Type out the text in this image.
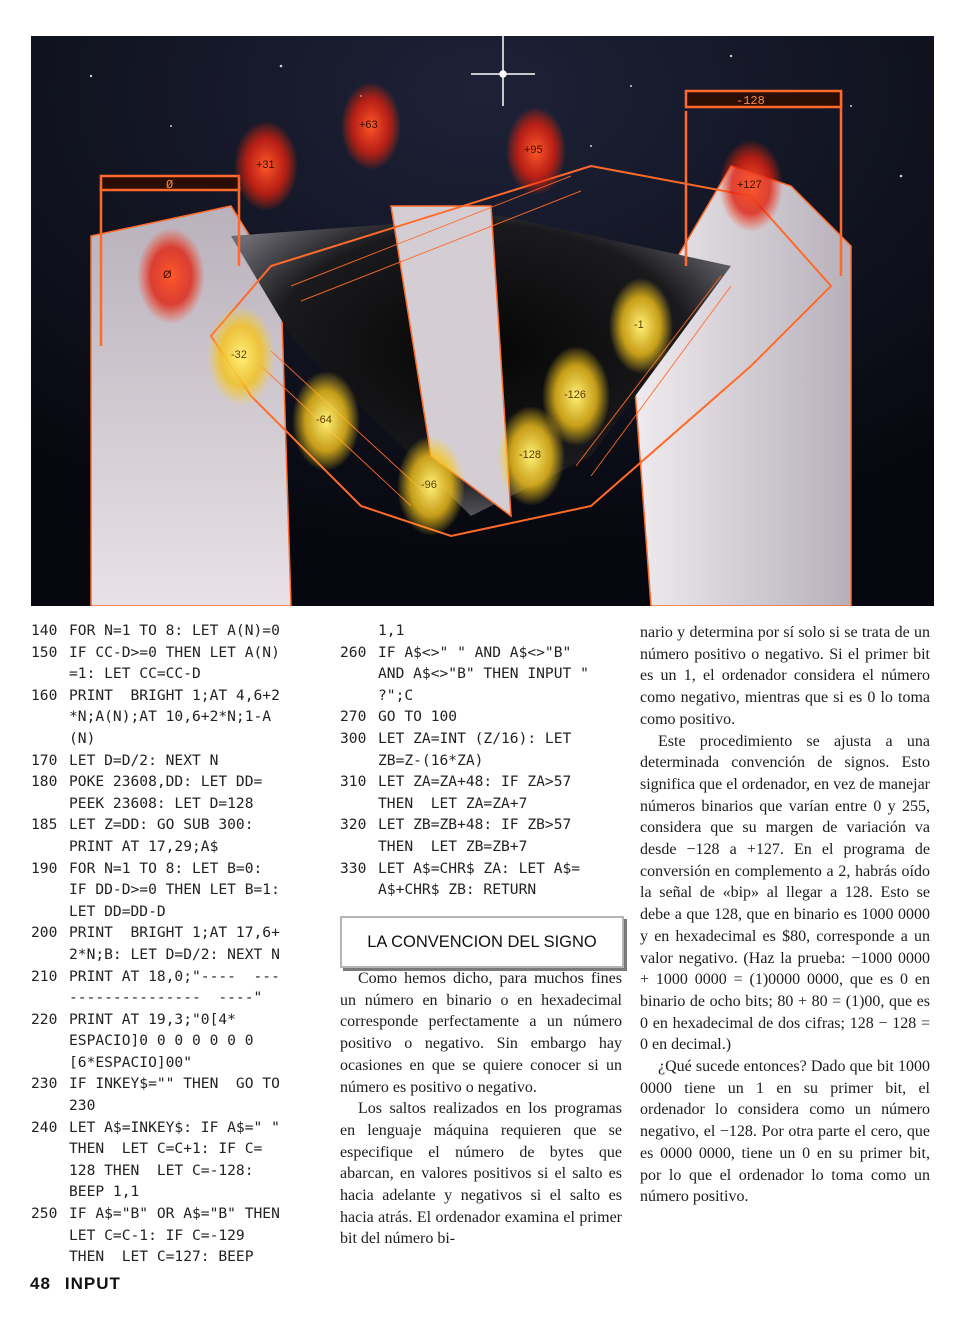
Ø
-128
Ø
+31
+63
+95
+127
-32
-64
-96
-128
-126
-1
140 FOR N=1 TO 8: LET A(N)=0
150 IF CC-D>=0 THEN LET A(N)
=1: LET CC=CC-D
160 PRINT  BRIGHT 1;AT 4,6+2
*N;A(N);AT 10,6+2*N;1-A
(N)
170 LET D=D/2: NEXT N
180 POKE 23608,DD: LET DD=
PEEK 23608: LET D=128
185 LET Z=DD: GO SUB 300:
PRINT AT 17,29;A$
190 FOR N=1 TO 8: LET B=0:
IF DD-D>=0 THEN LET B=1:
LET DD=DD-D
200 PRINT  BRIGHT 1;AT 17,6+
2*N;B: LET D=D/2: NEXT N
210 PRINT AT 18,0;"----  ---
---------------  ----"
220 PRINT AT 19,3;"0[4*
ESPACIO]0 0 0 0 0 0 0
[6*ESPACIO]00"
230 IF INKEY$="" THEN  GO TO
230
240 LET A$=INKEY$: IF A$=" "
THEN  LET C=C+1: IF C=
128 THEN  LET C=-128:
BEEP 1,1
250 IF A$="B" OR A$="B" THEN
LET C=C-1: IF C=-129
THEN  LET C=127: BEEP
1,1
260 IF A$<>" " AND A$<>"B"
AND A$<>"B" THEN INPUT "
?";C
270 GO TO 100
300 LET ZA=INT (Z/16): LET
ZB=Z-(16*ZA)
310 LET ZA=ZA+48: IF ZA>57
THEN  LET ZA=ZA+7
320 LET ZB=ZB+48: IF ZB>57
THEN  LET ZB=ZB+7
330 LET A$=CHR$ ZA: LET A$=
A$+CHR$ ZB: RETURN
LA CONVENCION DEL SIGNO

Como hemos dicho, para muchos fines un número en binario o en hexadecimal corresponde perfectamente a un número positivo o negativo. Sin embargo hay ocasiones en que se quiere conocer si un número es positivo o negativo.

Los saltos realizados en los programas en lenguaje máquina requieren que se especifique el número de bytes que abarcan, en valores positivos si el salto es hacia adelante y negativos si el salto es hacia atrás. El ordenador examina el primer bit del número bi-

nario y determina por sí solo si se trata de un número positivo o negativo. Si el primer bit es un 1, el ordenador considera el número como negativo, mientras que si es 0 lo toma como positivo.

Este procedimiento se ajusta a una determinada convención de signos. Esto significa que el ordenador, en vez de manejar números binarios que varían entre 0 y 255, considera que su margen de variación va desde −128 a +127. En el programa de conversión en complemento a 2, habrás oído la señal de «bip» al llegar a 128. Esto se debe a que 128, que en binario es 1000 0000 y en hexadecimal es $80, corresponde a un valor negativo. (Haz la prueba: −1000 0000 + 1000 0000 = (1)0000 0000, que es 0 en binario de ocho bits; 80 + 80 = (1)00, que es 0 en hexadecimal de dos cifras; 128 − 128 = 0 en decimal.)

¿Qué sucede entonces? Dado que bit 1000 0000 tiene un 1 en su primer bit, el ordenador lo considera como un número negativo, el −128. Por otra parte el cero, que es 0000 0000, tiene un 0 en su primer bit, por lo que el ordenador lo toma como un número positivo.

48 INPUT
